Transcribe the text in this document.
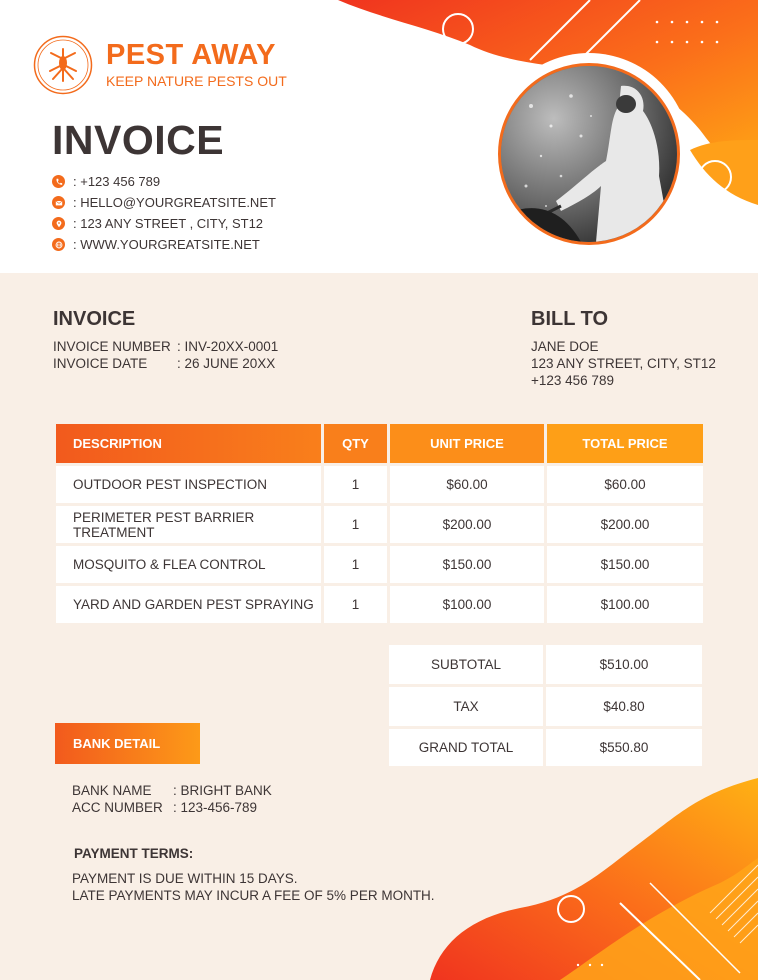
PEST AWAY
KEEP NATURE PESTS OUT
INVOICE
: +123 456 789
: HELLO@YOURGREATSITE.NET
: 123 ANY STREET , CITY, ST12
: WWW.YOURGREATSITE.NET
INVOICE
INVOICE NUMBER : INV-20XX-0001
INVOICE DATE	: 26 JUNE 20XX
BILL TO
JANE DOE
123 ANY STREET, CITY, ST12
+123 456 789
DESCRIPTION	QTY	UNIT PRICE	TOTAL PRICE
OUTDOOR PEST INSPECTION	1	$60.00	$60.00
PERIMETER PEST BARRIER TREATMENT	1	$200.00	$200.00
MOSQUITO & FLEA CONTROL	1	$150.00	$150.00
YARD AND GARDEN PEST SPRAYING	1	$100.00	$100.00
SUBTOTAL	$510.00
TAX	$40.80
GRAND TOTAL	$550.80
BANK DETAIL
BANK NAME	: BRIGHT BANK
ACC NUMBER : 123-456-789
PAYMENT TERMS:
PAYMENT IS DUE WITHIN 15 DAYS.
LATE PAYMENTS MAY INCUR A FEE OF 5% PER MONTH.
